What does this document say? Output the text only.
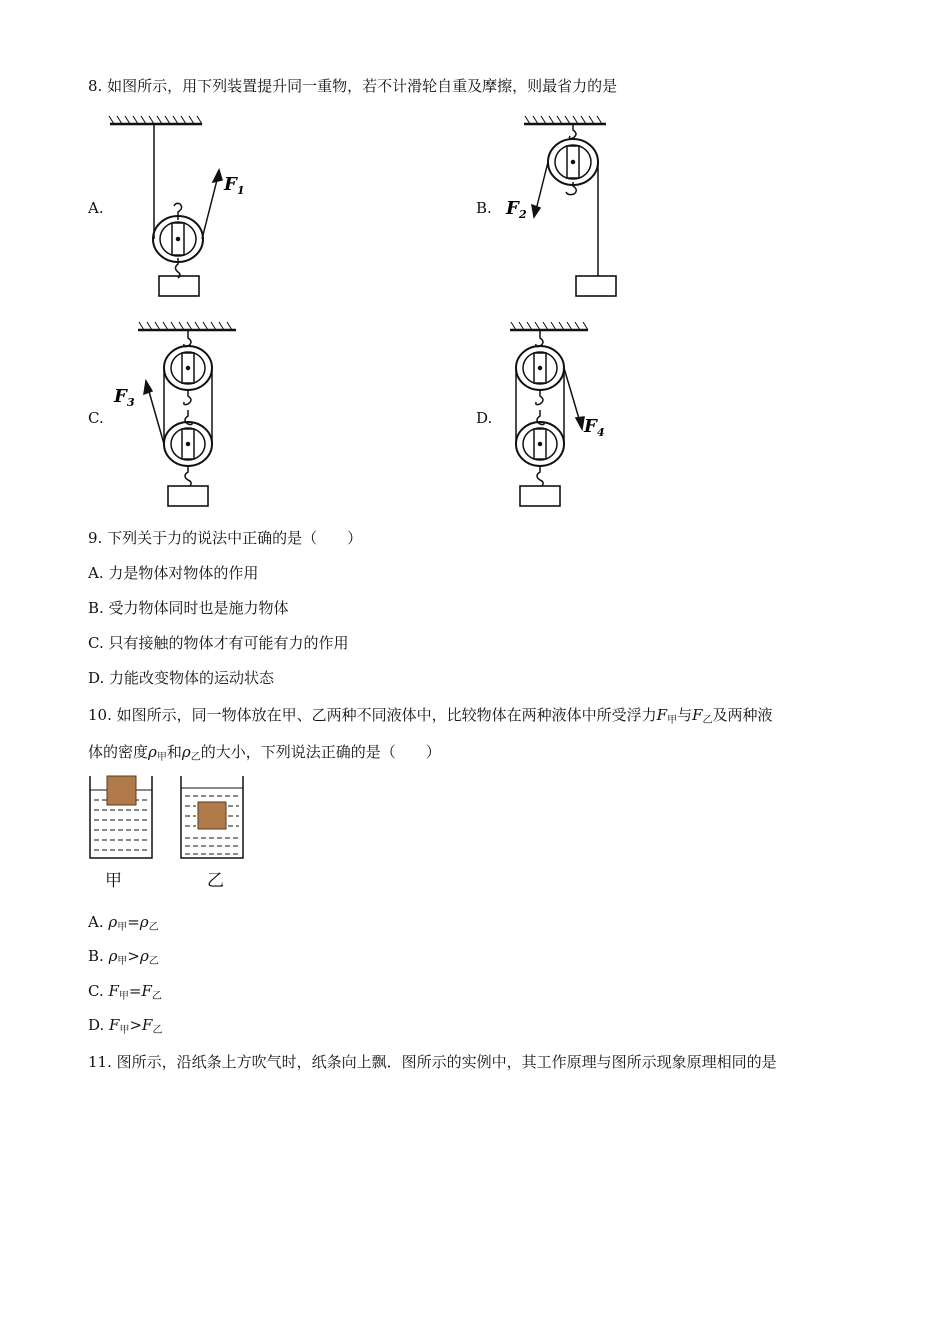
8. 如图所示，用下列装置提升同一重物，若不计滑轮自重及摩擦，则最省力的是
A.	B.
C.	D.
F 1
F 2
F 3
F 4
9. 下列关于力的说法中正确的是（　　）
A. 力是物体对物体的作用
B. 受力物体同时也是施力物体
C. 只有接触的物体才有可能有力的作用
D. 力能改变物体的运动状态
10. 如图所示，同一物体放在甲、乙两种不同液体中，比较物体在两种液体中所受浮力$F_甲$与$F_乙$及两种液
体的密度$\rho_甲$和$\rho_乙$的大小，下列说法正确的是（　　）
甲	乙
A. $\rho_甲=\rho_乙$
B. $\rho_甲>\rho_乙$
C. $F_甲=F_乙$
D. $F_甲>F_乙$
11. 图所示，沿纸条上方吹气时，纸条向上飘．图所示的实例中，其工作原理与图所示现象原理相同的是
